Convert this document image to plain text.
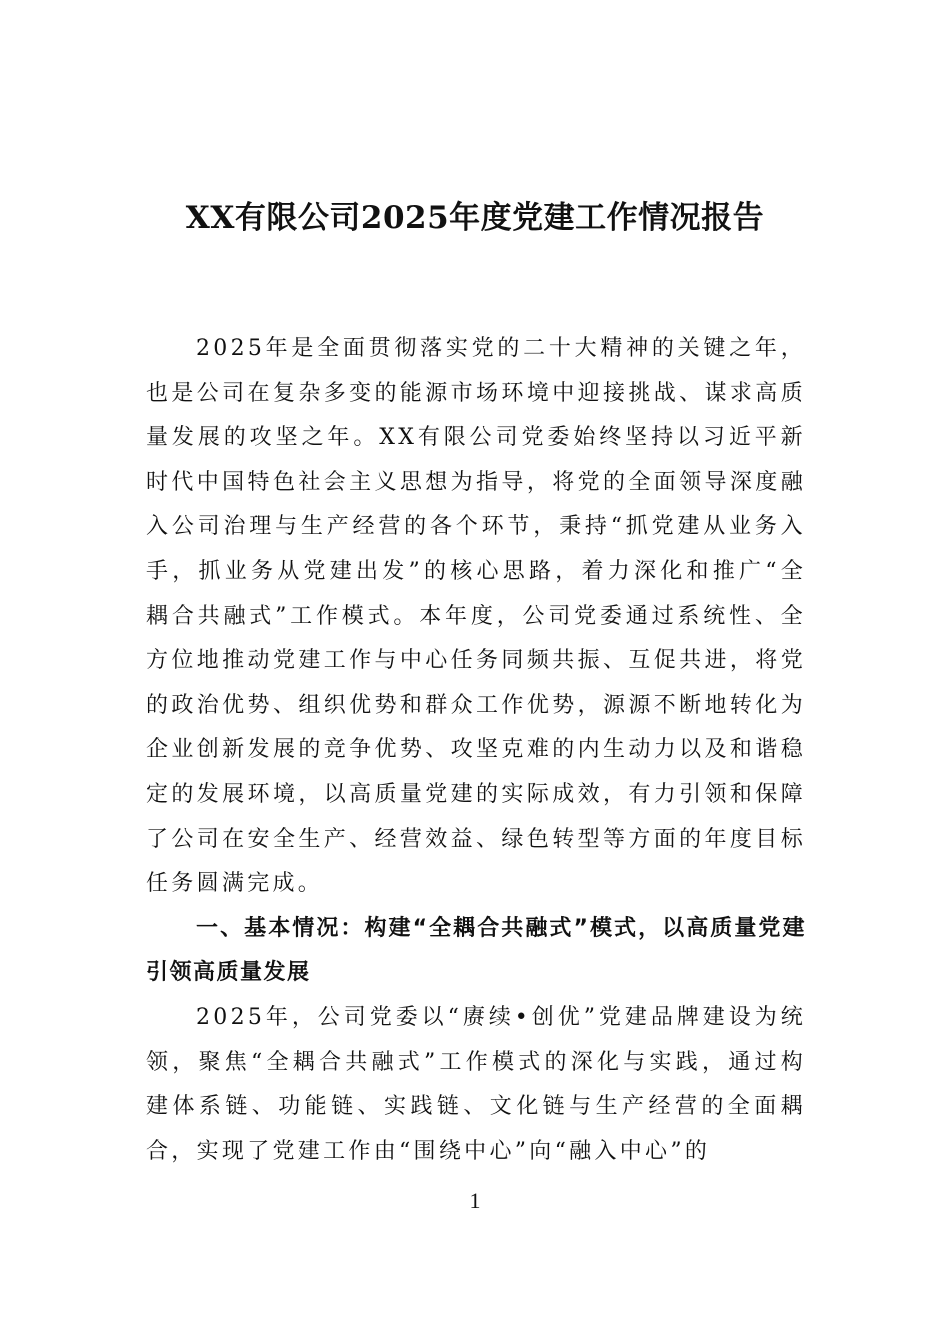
XX有限公司2025年度党建工作情况报告

2025年是全面贯彻落实党的二十大精神的关键之年，也是公司在复杂多变的能源市场环境中迎接挑战、谋求高质量发展的攻坚之年。XX有限公司党委始终坚持以习近平新时代中国特色社会主义思想为指导，将党的全面领导深度融入公司治理与生产经营的各个环节，秉持“抓党建从业务入手，抓业务从党建出发”的核心思路，着力深化和推广“全耦合共融式”工作模式。本年度，公司党委通过系统性、全方位地推动党建工作与中心任务同频共振、互促共进，将党的政治优势、组织优势和群众工作优势，源源不断地转化为企业创新发展的竞争优势、攻坚克难的内生动力以及和谐稳定的发展环境，以高质量党建的实际成效，有力引领和保障了公司在安全生产、经营效益、绿色转型等方面的年度目标任务圆满完成。

一、基本情况：构建“全耦合共融式”模式，以高质量党建引领高质量发展

2025年，公司党委以“赓续•创优”党建品牌建设为统领，聚焦“全耦合共融式”工作模式的深化与实践，通过构建体系链、功能链、实践链、文化链与生产经营的全面耦合，实现了党建工作由“围绕中心”向“融入中心”的

1
